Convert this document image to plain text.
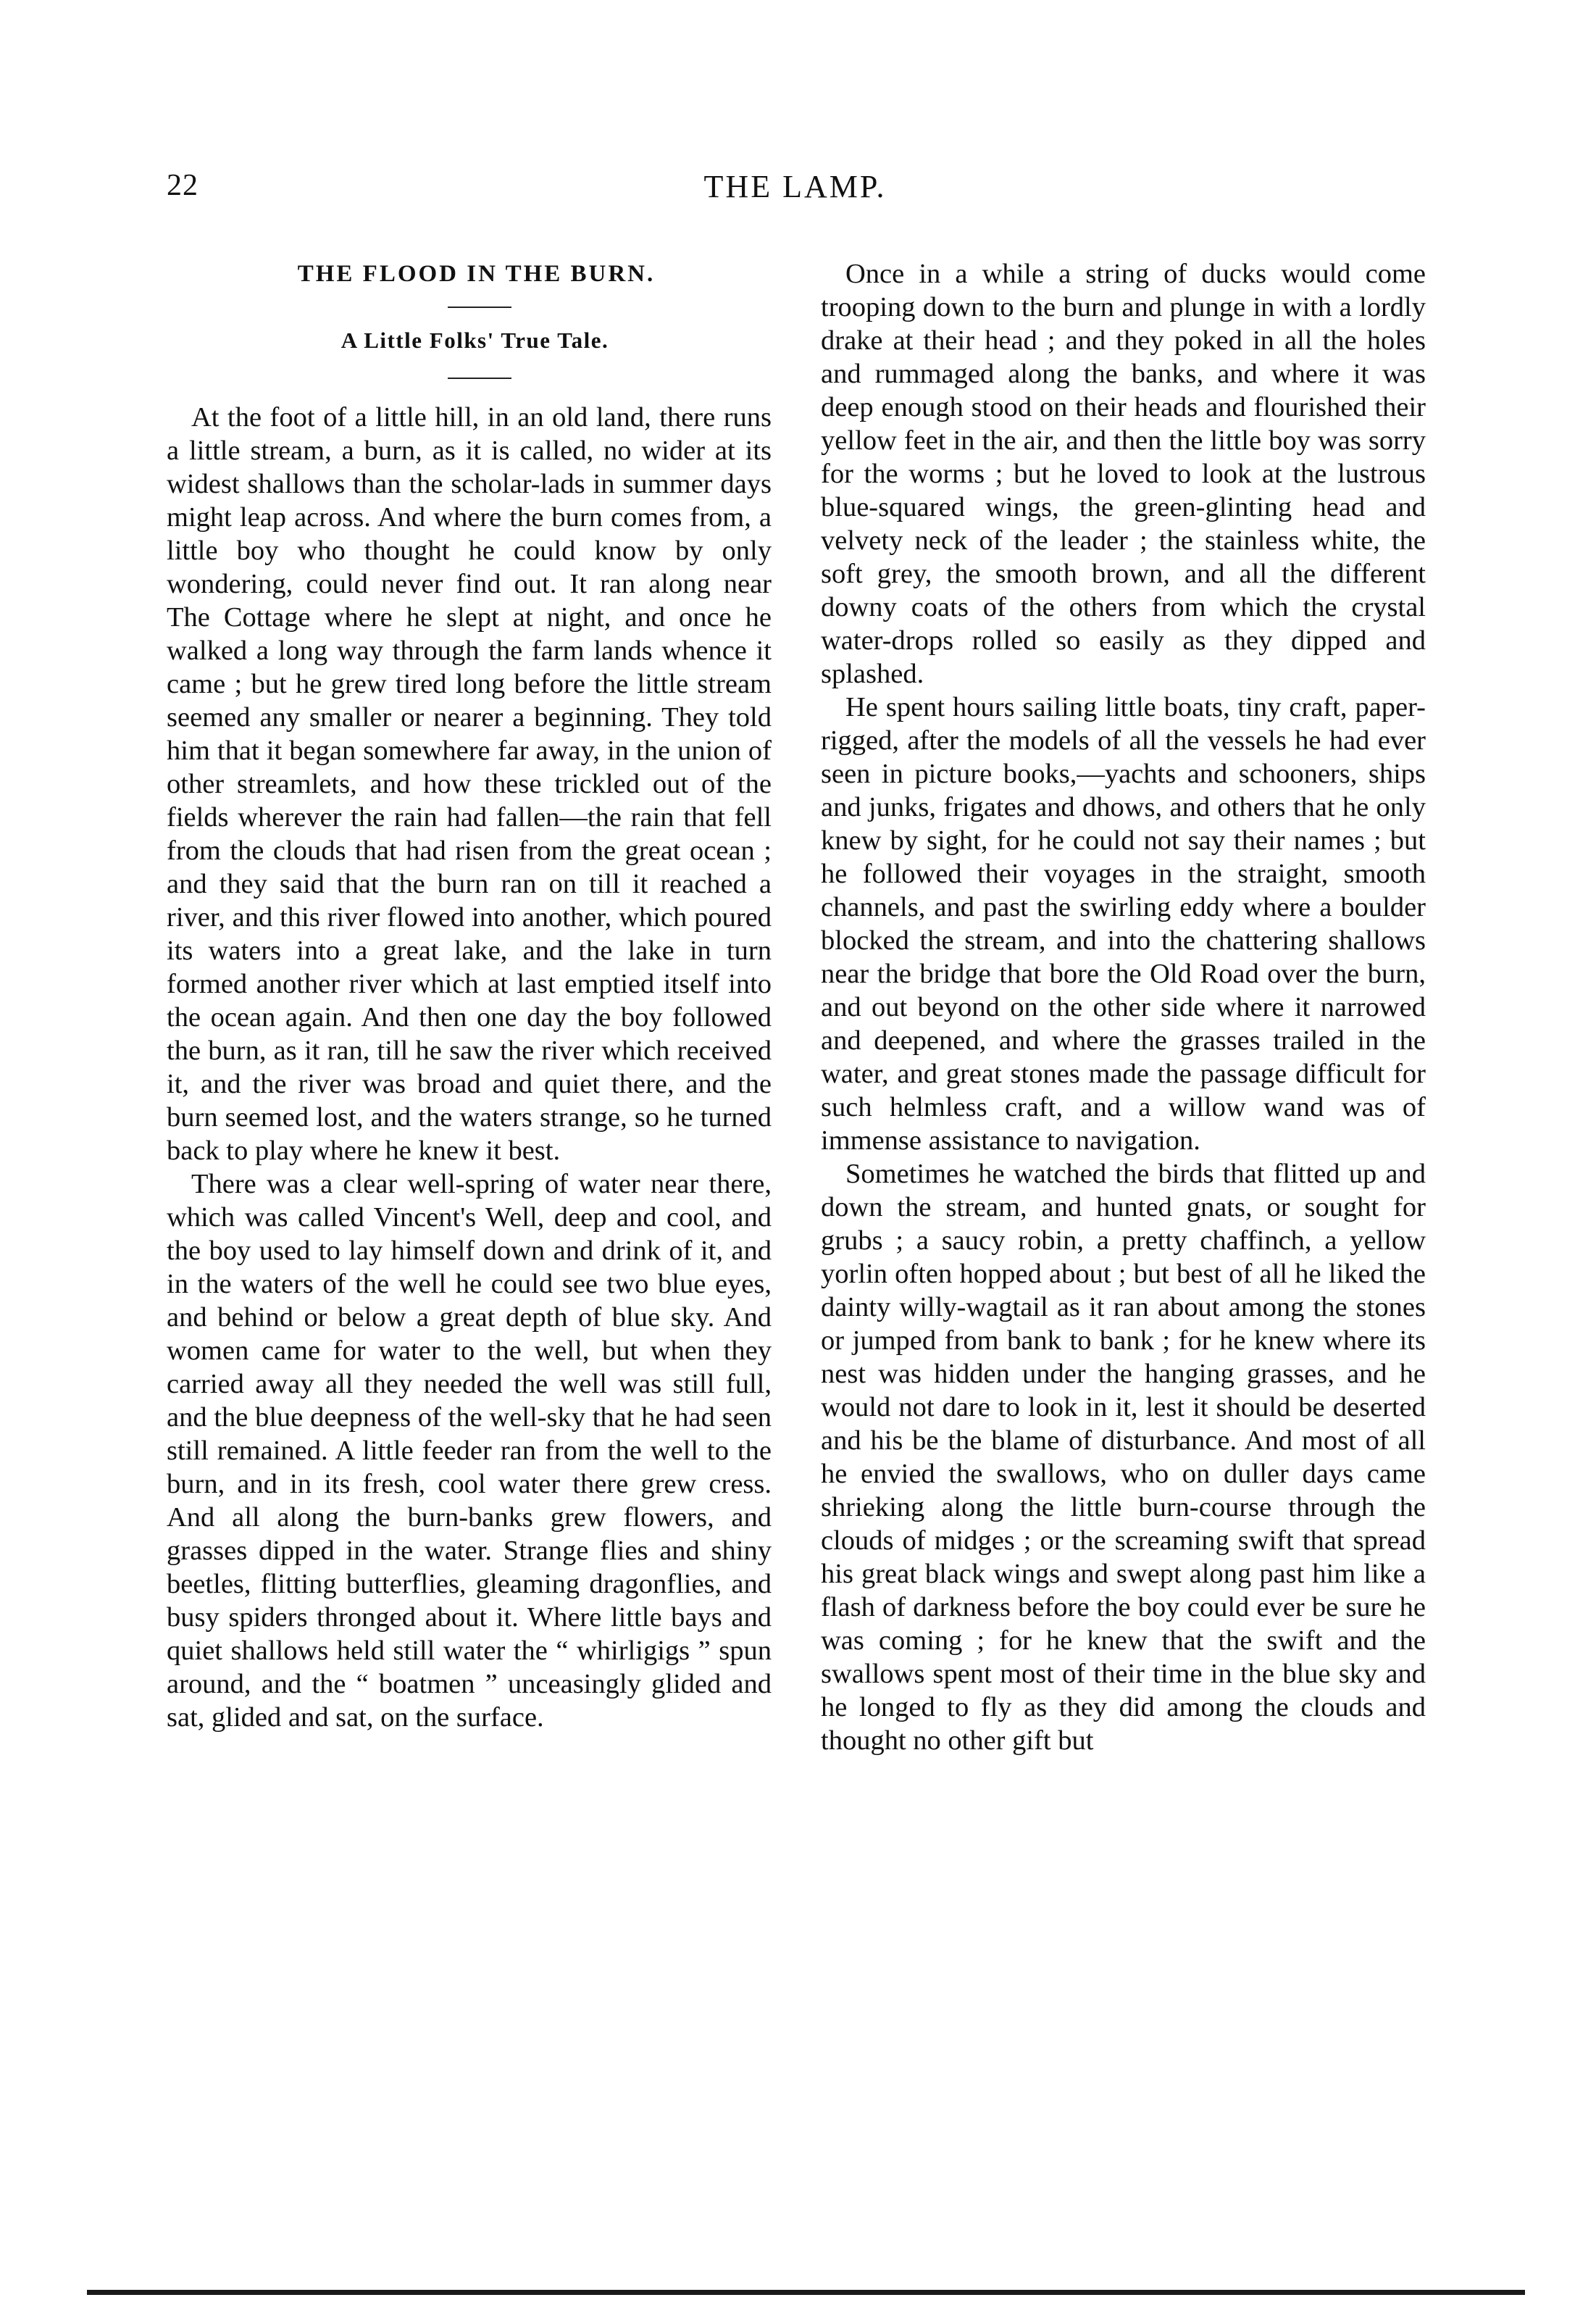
22	THE LAMP.
THE FLOOD IN THE BURN.
A Little Folks' True Tale.

At the foot of a little hill, in an old land, there runs a little stream, a burn, as it is called, no wider at its widest shallows than the scholar-lads in summer days might leap across. And where the burn comes from, a little boy who thought he could know by only wondering, could never find out. It ran along near The Cottage where he slept at night, and once he walked a long way through the farm lands whence it came ; but he grew tired long before the little stream seemed any smaller or nearer a beginning. They told him that it began somewhere far away, in the union of other streamlets, and how these trickled out of the fields wherever the rain had fallen—the rain that fell from the clouds that had risen from the great ocean ; and they said that the burn ran on till it reached a river, and this river flowed into another, which poured its waters into a great lake, and the lake in turn formed another river which at last emptied itself into the ocean again. And then one day the boy followed the burn, as it ran, till he saw the river which received it, and the river was broad and quiet there, and the burn seemed lost, and the waters strange, so he turned back to play where he knew it best.

There was a clear well-spring of water near there, which was called Vincent's Well, deep and cool, and the boy used to lay himself down and drink of it, and in the waters of the well he could see two blue eyes, and behind or below a great depth of blue sky. And women came for water to the well, but when they carried away all they needed the well was still full, and the blue deepness of the well-sky that he had seen still remained. A little feeder ran from the well to the burn, and in its fresh, cool water there grew cress. And all along the burn-banks grew flowers, and grasses dipped in the water. Strange flies and shiny beetles, flitting butterflies, gleaming dragonflies, and busy spiders thronged about it. Where little bays and quiet shallows held still water the “ whirligigs ” spun around, and the “ boatmen ” unceasingly glided and sat, glided and sat, on the surface.

Once in a while a string of ducks would come trooping down to the burn and plunge in with a lordly drake at their head ; and they poked in all the holes and rummaged along the banks, and where it was deep enough stood on their heads and flourished their yellow feet in the air, and then the little boy was sorry for the worms ; but he loved to look at the lustrous blue-squared wings, the green-glinting head and velvety neck of the leader ; the stainless white, the soft grey, the smooth brown, and all the different downy coats of the others from which the crystal water-drops rolled so easily as they dipped and splashed.

He spent hours sailing little boats, tiny craft, paper-rigged, after the models of all the vessels he had ever seen in picture books,—yachts and schooners, ships and junks, frigates and dhows, and others that he only knew by sight, for he could not say their names ; but he followed their voyages in the straight, smooth channels, and past the swirling eddy where a boulder blocked the stream, and into the chattering shallows near the bridge that bore the Old Road over the burn, and out beyond on the other side where it narrowed and deepened, and where the grasses trailed in the water, and great stones made the passage difficult for such helmless craft, and a willow wand was of immense assistance to navigation.

Sometimes he watched the birds that flitted up and down the stream, and hunted gnats, or sought for grubs ; a saucy robin, a pretty chaffinch, a yellow yorlin often hopped about ; but best of all he liked the dainty willy-wagtail as it ran about among the stones or jumped from bank to bank ; for he knew where its nest was hidden under the hanging grasses, and he would not dare to look in it, lest it should be deserted and his be the blame of disturbance. And most of all he envied the swallows, who on duller days came shrieking along the little burn-course through the clouds of midges ; or the screaming swift that spread his great black wings and swept along past him like a flash of darkness before the boy could ever be sure he was coming ; for he knew that the swift and the swallows spent most of their time in the blue sky and he longed to fly as they did among the clouds and thought no other gift but
